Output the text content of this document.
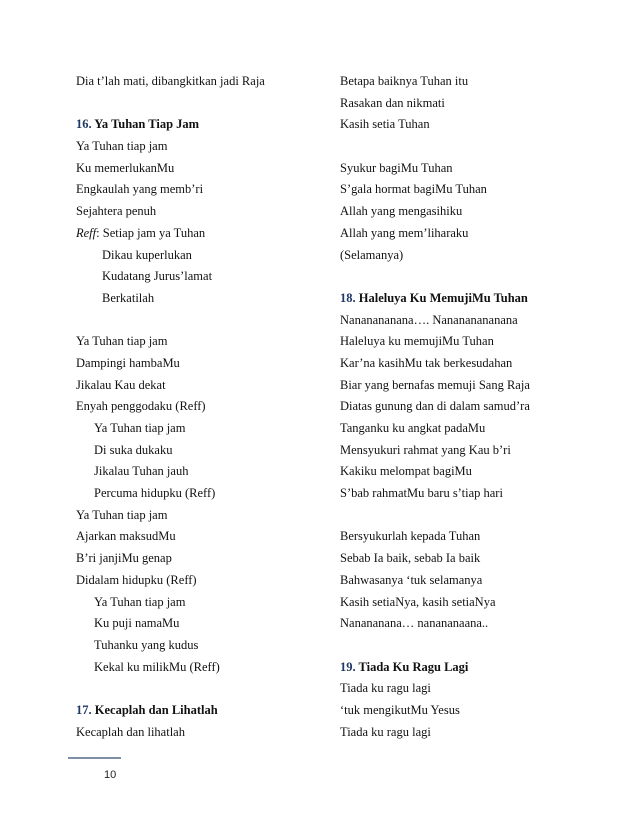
Dia t’lah mati, dibangkitkan jadi Raja
16. Ya Tuhan Tiap Jam
Ya Tuhan tiap jam
Ku memerlukanMu
Engkaulah yang memb’ri
Sejahtera penuh
Reff: Setiap jam ya Tuhan
Dikau kuperlukan
Kudatang Jurus’lamat
Berkatilah
Ya Tuhan tiap jam
Dampingi hambaMu
Jikalau Kau dekat
Enyah penggodaku (Reff)
Ya Tuhan tiap jam
Di suka dukaku
Jikalau Tuhan jauh
Percuma hidupku (Reff)
Ya Tuhan tiap jam
Ajarkan maksudMu
B’ri janjiMu genap
Didalam hidupku (Reff)
Ya Tuhan tiap jam
Ku puji namaMu
Tuhanku yang kudus
Kekal ku milikMu (Reff)
17. Kecaplah dan Lihatlah
Kecaplah dan lihatlah
Betapa baiknya Tuhan itu
Rasakan dan nikmati
Kasih setia Tuhan
Syukur bagiMu Tuhan
S’gala hormat bagiMu Tuhan
Allah yang mengasihiku
Allah yang mem’liharaku
(Selamanya)
18. Haleluya Ku MemujiMu Tuhan
Nananananana…. Nanananananana
Haleluya ku memujiMu Tuhan
Kar’na kasihMu tak berkesudahan
Biar yang bernafas memuji Sang Raja
Diatas gunung dan di dalam samud’ra
Tanganku ku angkat padaMu
Mensyukuri rahmat yang Kau b’ri
Kakiku melompat bagiMu
S’bab rahmatMu baru s’tiap hari
Bersyukurlah kepada Tuhan
Sebab Ia baik, sebab Ia baik
Bahwasanya ‘tuk selamanya
Kasih setiaNya, kasih setiaNya
Nanananana… nanananaana..
19. Tiada Ku Ragu Lagi
Tiada ku ragu lagi
‘tuk mengikutMu Yesus
Tiada ku ragu lagi
10
